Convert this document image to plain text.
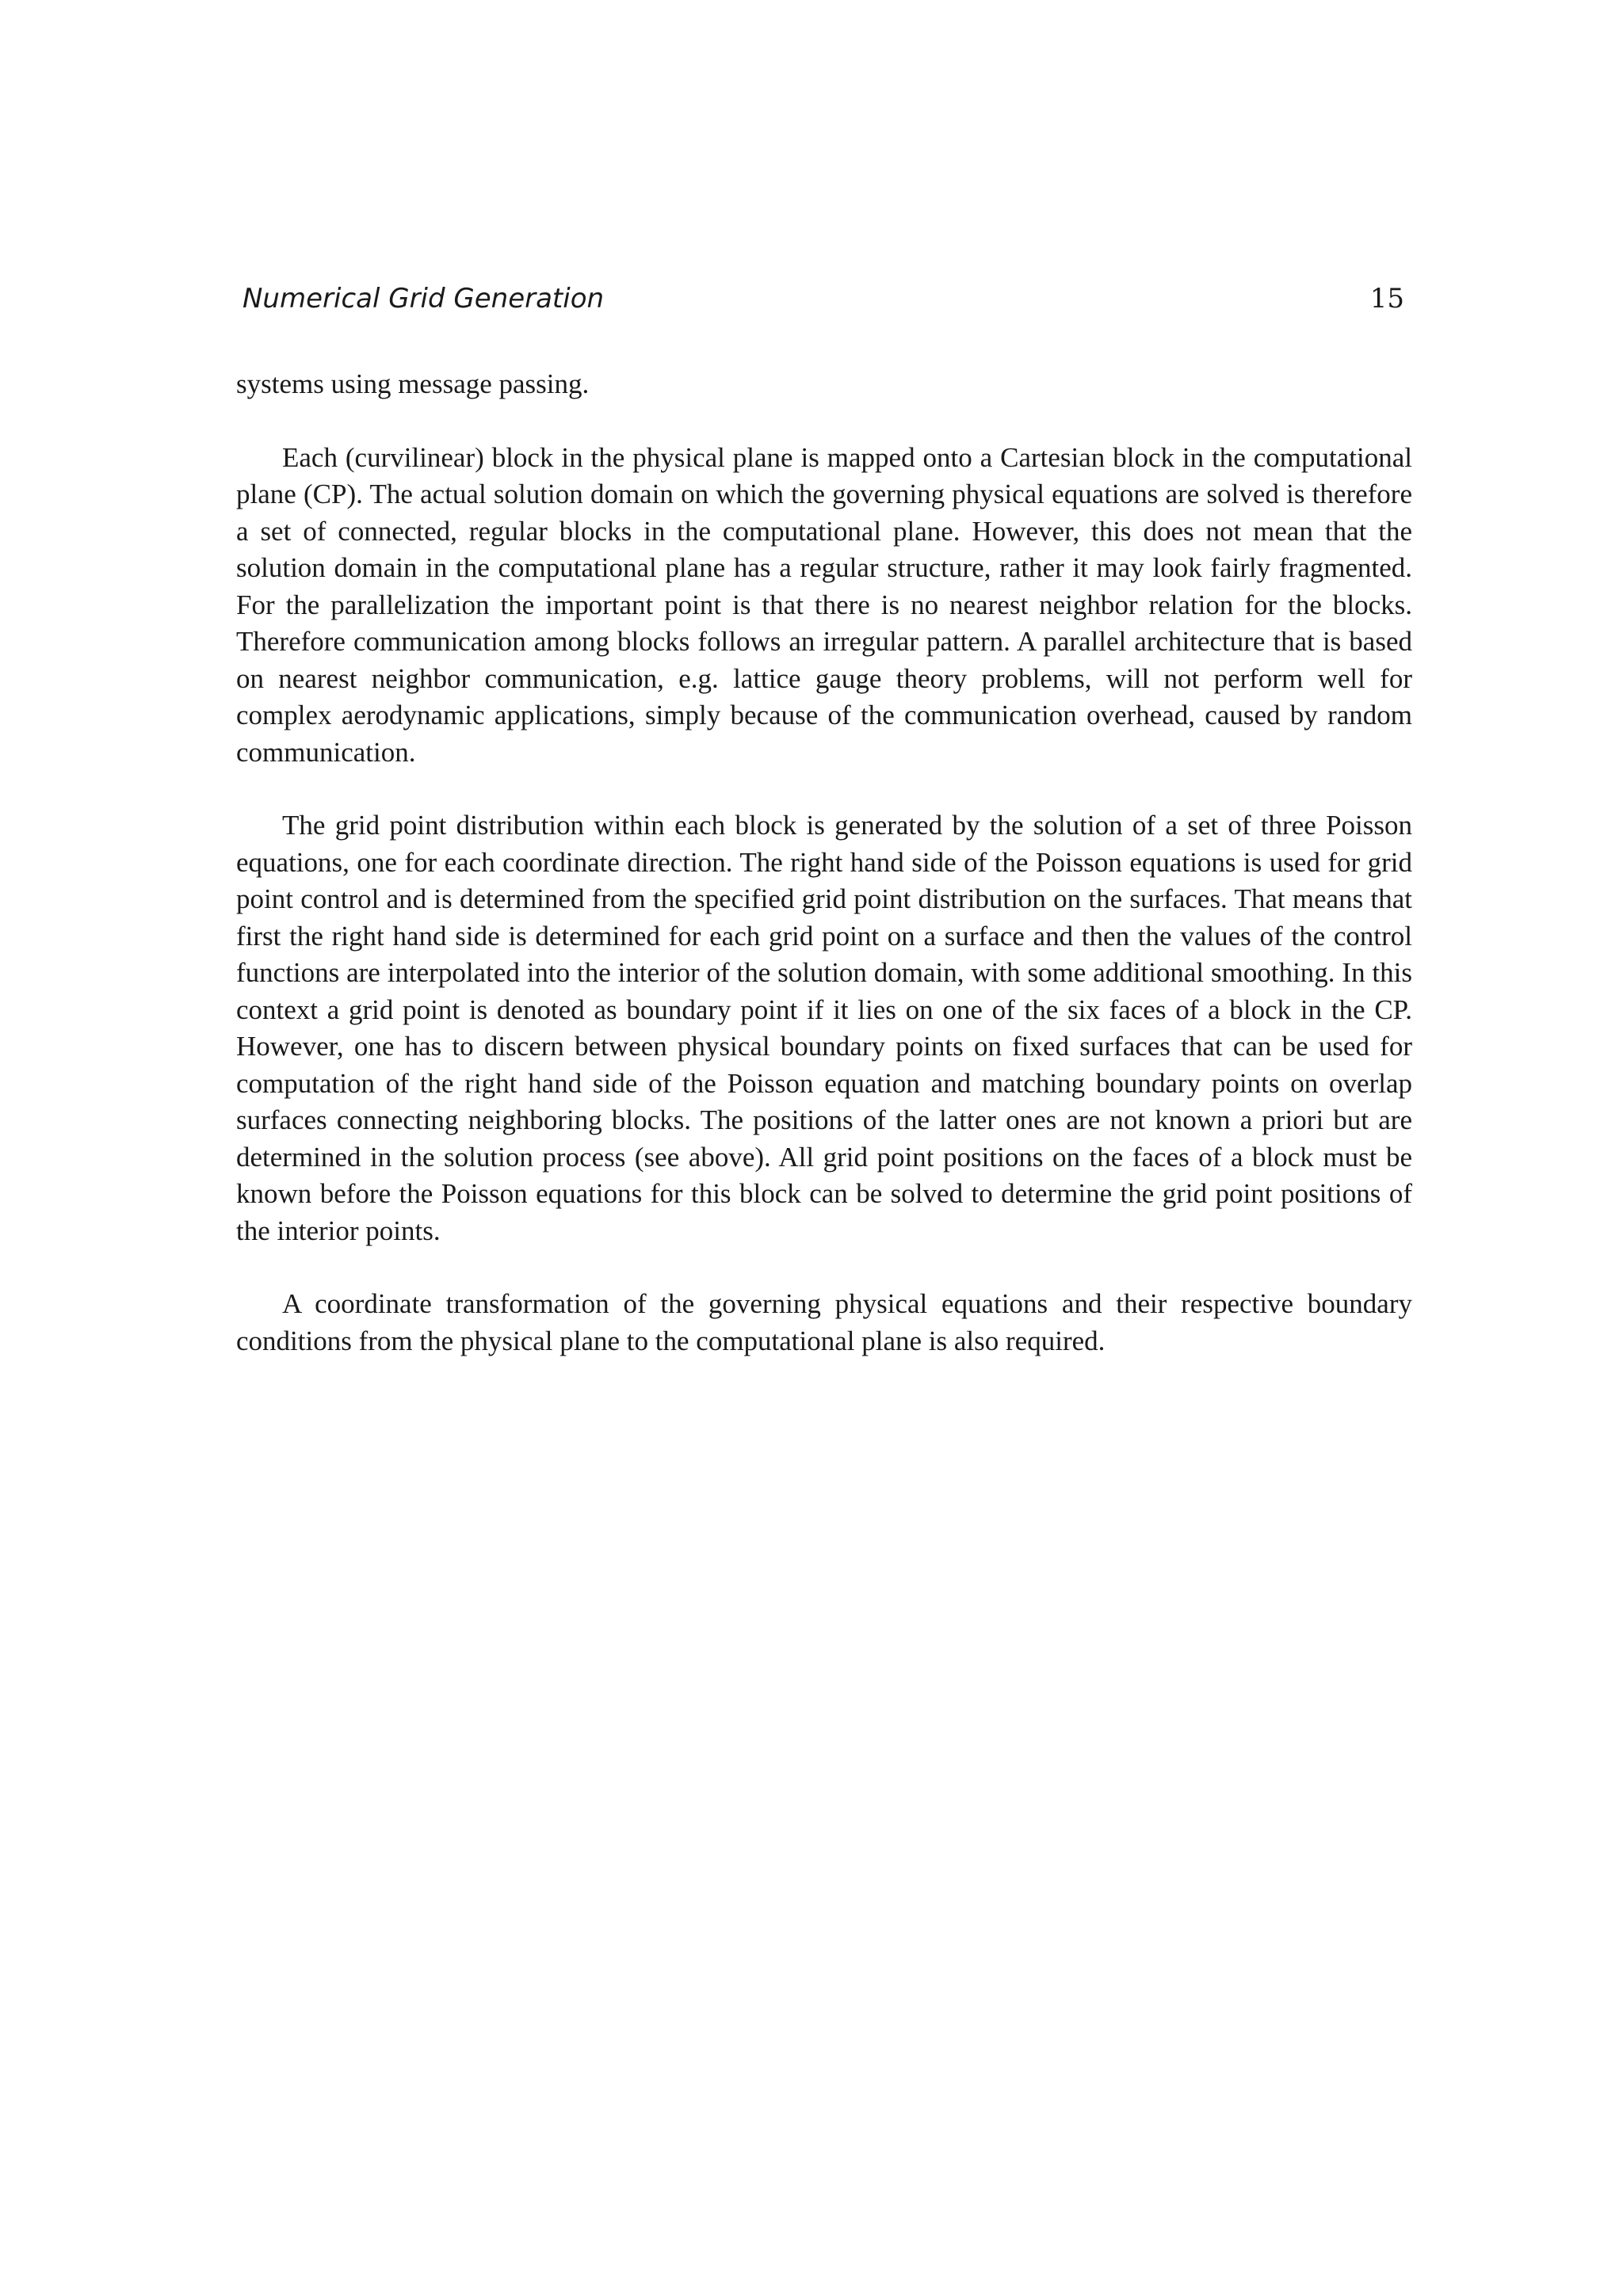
Numerical Grid Generation	15

systems using message passing.

Each (curvilinear) block in the physical plane is mapped onto a Cartesian block in the computational plane (CP). The actual solution domain on which the governing physical equations are solved is therefore a set of connected, regular blocks in the computational plane. However, this does not mean that the solution domain in the computational plane has a regular structure, rather it may look fairly fragmented. For the parallelization the important point is that there is no nearest neighbor relation for the blocks. Therefore communication among blocks follows an irregular pattern. A parallel architecture that is based on nearest neighbor communication, e.g. lattice gauge theory problems, will not perform well for complex aerodynamic applications, simply because of the communication overhead, caused by random communication.

The grid point distribution within each block is generated by the solution of a set of three Poisson equations, one for each coordinate direction. The right hand side of the Poisson equations is used for grid point control and is determined from the specified grid point distribution on the surfaces. That means that first the right hand side is determined for each grid point on a surface and then the values of the control functions are interpolated into the interior of the solution domain, with some additional smoothing. In this context a grid point is denoted as boundary point if it lies on one of the six faces of a block in the CP. However, one has to discern between physical boundary points on fixed surfaces that can be used for computation of the right hand side of the Poisson equation and matching boundary points on overlap surfaces connecting neighboring blocks. The positions of the latter ones are not known a priori but are determined in the solution process (see above). All grid point positions on the faces of a block must be known before the Poisson equations for this block can be solved to determine the grid point positions of the interior points.

A coordinate transformation of the governing physical equations and their respective boundary conditions from the physical plane to the computational plane is also required.
